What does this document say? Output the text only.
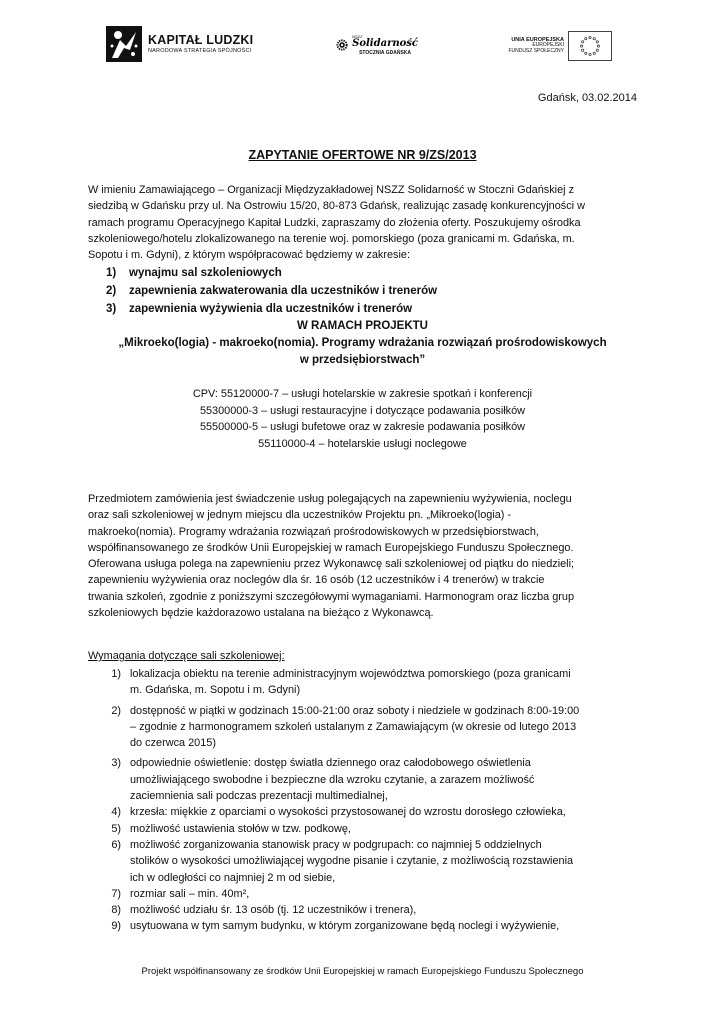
KAPITAŁ LUDZKI
NARODOWA STRATEGIA SPÓJNOŚCI
NSZZ
Solidarność
STOCZNIA GDAŃSKA
UNIA EUROPEJSKA
EUROPEJSKI
FUNDUSZ SPOŁECZNY
Gdańsk, 03.02.2014
ZAPYTANIE OFERTOWE NR 9/ZS/2013

W imieniu Zamawiającego – Organizacji Międzyzakładowej NSZZ Solidarność w Stoczni Gdańskiej z

siedzibą w Gdańsku przy ul. Na Ostrowiu 15/20, 80-873 Gdańsk, realizując zasadę konkurencyjności w

ramach programu Operacyjnego Kapitał Ludzki, zapraszamy do złożenia oferty. Poszukujemy ośrodka

szkoleniowego/hotelu zlokalizowanego na terenie woj. pomorskiego (poza granicami m. Gdańska, m.

Sopotu i m. Gdyni), z którym współpracować będziemy w zakresie:

1) wynajmu sal szkoleniowych
2) zapewnienia zakwaterowania dla uczestników i trenerów
3) zapewnienia wyżywienia dla uczestników i trenerów
W RAMACH PROJEKTU
„Mikroeko(logia) - makroeko(nomia). Programy wdrażania rozwiązań prośrodowiskowych
w przedsiębiorstwach”
CPV: 55120000-7 – usługi hotelarskie w zakresie spotkań i konferencji
55300000-3 – usługi restauracyjne i dotyczące podawania posiłków
55500000-5 – usługi bufetowe oraz w zakresie podawania posiłków
55110000-4 – hotelarskie usługi noclegowe

Przedmiotem zamówienia jest świadczenie usług polegających na zapewnieniu wyżywienia, noclegu

oraz sali szkoleniowej w jednym miejscu dla uczestników Projektu pn. „Mikroeko(logia) -

makroeko(nomia). Programy wdrażania rozwiązań prośrodowiskowych w przedsiębiorstwach,

współfinansowanego ze środków Unii Europejskiej w ramach Europejskiego Funduszu Społecznego.

Oferowana usługa polega na zapewnieniu przez Wykonawcę sali szkoleniowej od piątku do niedzieli;

zapewnieniu wyżywienia oraz noclegów dla śr. 16 osób (12 uczestników i 4 trenerów) w trakcie

trwania szkoleń, zgodnie z poniższymi szczegółowymi wymaganiami. Harmonogram oraz liczba grup

szkoleniowych będzie każdorazowo ustalana na bieżąco z Wykonawcą.

Wymagania dotyczące sali szkoleniowej:
1) lokalizacja obiektu na terenie administracyjnym województwa pomorskiego (poza granicami
m. Gdańska, m. Sopotu i m. Gdyni)
2) dostępność w piątki w godzinach 15:00-21:00 oraz soboty i niedziele w godzinach 8:00-19:00
– zgodnie z harmonogramem szkoleń ustalanym z Zamawiającym (w okresie od lutego 2013
do czerwca 2015)
3) odpowiednie oświetlenie: dostęp światła dziennego oraz całodobowego oświetlenia
umożliwiającego swobodne i bezpieczne dla wzroku czytanie, a zarazem możliwość
zaciemnienia sali podczas prezentacji multimedialnej,
4) krzesła: miękkie z oparciami o wysokości przystosowanej do wzrostu dorosłego człowieka,
5) możliwość ustawienia stołów w tzw. podkowę,
6) możliwość zorganizowania stanowisk pracy w podgrupach: co najmniej 5 oddzielnych
stolików o wysokości umożliwiającej wygodne pisanie i czytanie, z możliwością rozstawienia
ich w odległości co najmniej 2 m od siebie,
7) rozmiar sali – min. 40m²,
8) możliwość udziału śr. 13 osób (tj. 12 uczestników i trenera),
9) usytuowana w tym samym budynku, w którym zorganizowane będą noclegi i wyżywienie,
Projekt współfinansowany ze środków Unii Europejskiej w ramach Europejskiego Funduszu Społecznego
